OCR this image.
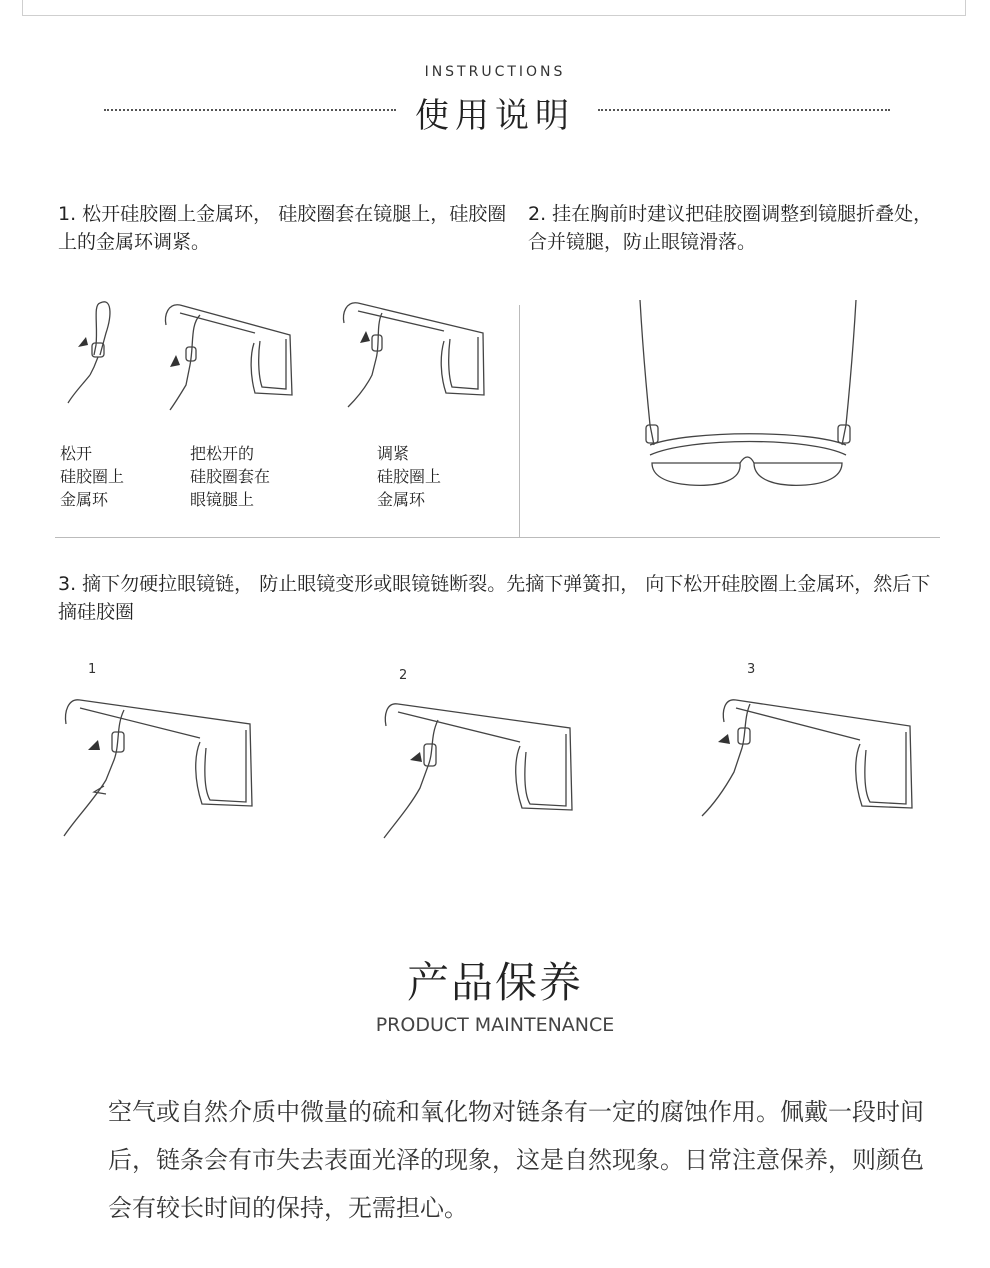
INSTRUCTIONS
使用说明
1. 松开硅胶圈上金属环， 硅胶圈套在镜腿上，硅胶圈上的金属环调紧。
松开
硅胶圈上
金属环
把松开的
硅胶圈套在
眼镜腿上
调紧
硅胶圈上
金属环
2. 挂在胸前时建议把硅胶圈调整到镜腿折叠处，合并镜腿，防止眼镜滑落。
3. 摘下勿硬拉眼镜链， 防止眼镜变形或眼镜链断裂。先摘下弹簧扣， 向下松开硅胶圈上金属环，然后下摘硅胶圈
1	2	3
产品保养
PRODUCT MAINTENANCE
空气或自然介质中微量的硫和氧化物对链条有一定的腐蚀作用。佩戴一段时间后，链条会有市失去表面光泽的现象，这是自然现象。日常注意保养，则颜色会有较长时间的保持，无需担心。
